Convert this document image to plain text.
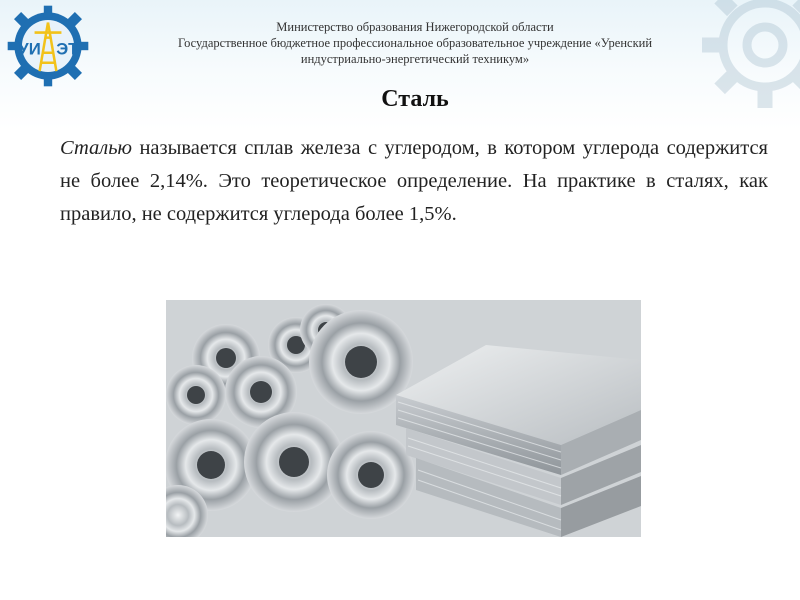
УИ ЭТ
Министерство образования Нижегородской области
Государственное бюджетное профессиональное образовательное учреждение «Уренский
индустриально-энергетический техникум»
Сталь
Сталью называется сплав железа с углеродом, в котором углерода содержится не более 2,14%. Это теоретическое определение. На практике в сталях, как правило, не содержится углерода более 1,5%.
